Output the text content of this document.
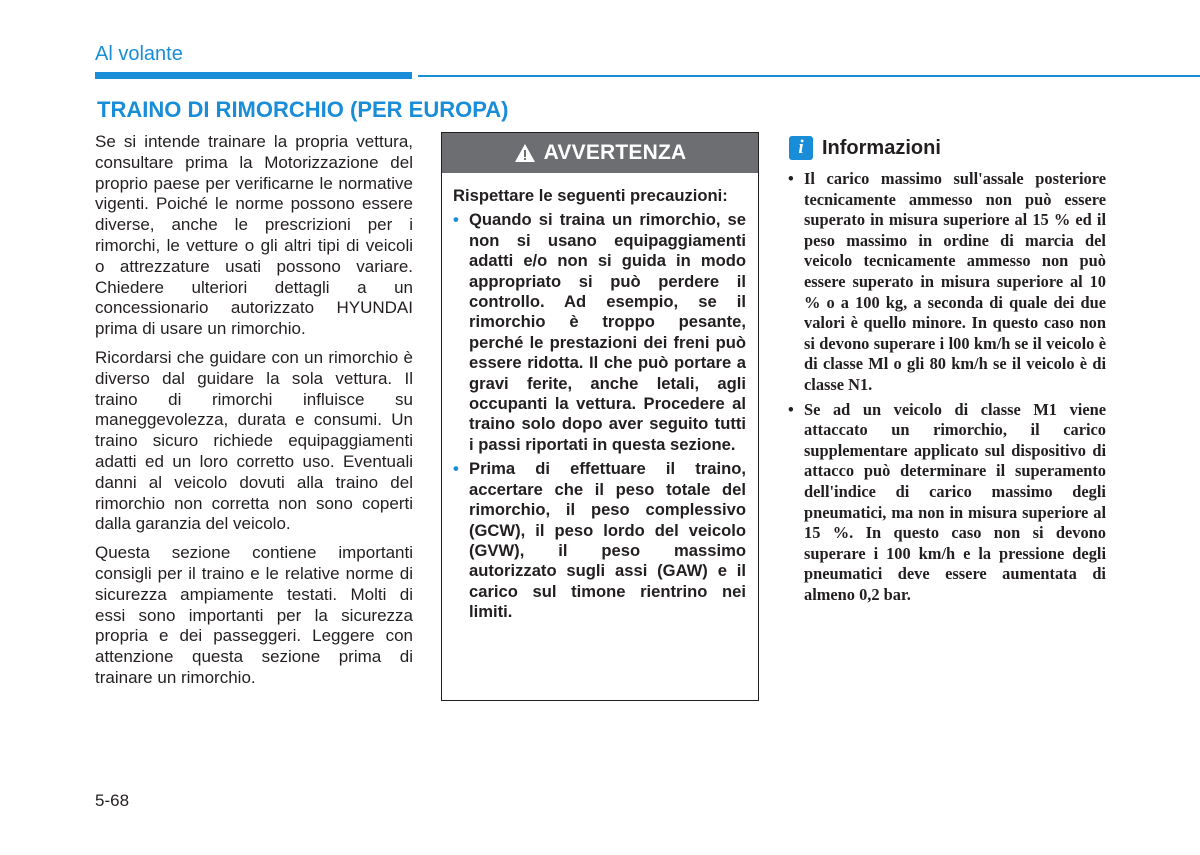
Al volante
TRAINO DI RIMORCHIO (PER EUROPA)

Se si intende trainare la propria vettura, consultare prima la Motorizzazione del proprio paese per verificarne le normative vigenti. Poiché le norme possono essere diverse, anche le prescrizioni per i rimorchi, le vetture o gli altri tipi di veicoli o attrezzature usati possono variare. Chiedere ulteriori dettagli a un concessionario autorizzato HYUNDAI prima di usare un rimorchio.

Ricordarsi che guidare con un rimorchio è diverso dal guidare la sola vettura. Il traino di rimorchi influisce su maneggevolezza, durata e consumi. Un traino sicuro richiede equipaggiamenti adatti ed un loro corretto uso. Eventuali danni al veicolo dovuti alla traino del rimorchio non corretta non sono coperti dalla garanzia del veicolo.

Questa sezione contiene importanti consigli per il traino e le relative norme di sicurezza ampiamente testati. Molti di essi sono importanti per la sicurezza propria e dei passeggeri. Leggere con attenzione questa sezione prima di trainare un rimorchio.

AVVERTENZA

Rispettare le seguenti precauzioni:

• Quando si traina un rimorchio, se non si usano equipaggiamenti adatti e/o non si guida in modo appropriato si può perdere il controllo. Ad esempio, se il rimorchio è troppo pesante, perché le prestazioni dei freni può essere ridotta. Il che può portare a gravi ferite, anche letali, agli occupanti la vettura. Procedere al traino solo dopo aver seguito tutti i passi riportati in questa sezione.
• Prima di effettuare il traino, accertare che il peso totale del rimorchio, il peso complessivo (GCW), il peso lordo del veicolo (GVW), il peso massimo autorizzato sugli assi (GAW) e il carico sul timone rientrino nei limiti.
i Informazioni
• Il carico massimo sull'assale posteriore tecnicamente ammesso non può essere superato in misura superiore al 15 % ed il peso massimo in ordine di marcia del veicolo tecnicamente ammesso non può essere superato in misura superiore al 10 % o a 100 kg, a seconda di quale dei due valori è quello minore. In questo caso non si devono superare i l00 km/h se il veicolo è di classe Ml o gli 80 km/h se il veicolo è di classe N1.
• Se ad un veicolo di classe M1 viene attaccato un rimorchio, il carico supplementare applicato sul dispositivo di attacco può determinare il superamento dell'indice di carico massimo degli pneumatici, ma non in misura superiore al 15 %. In questo caso non si devono superare i 100 km/h e la pressione degli pneumatici deve essere aumentata di almeno 0,2 bar.
5-68
